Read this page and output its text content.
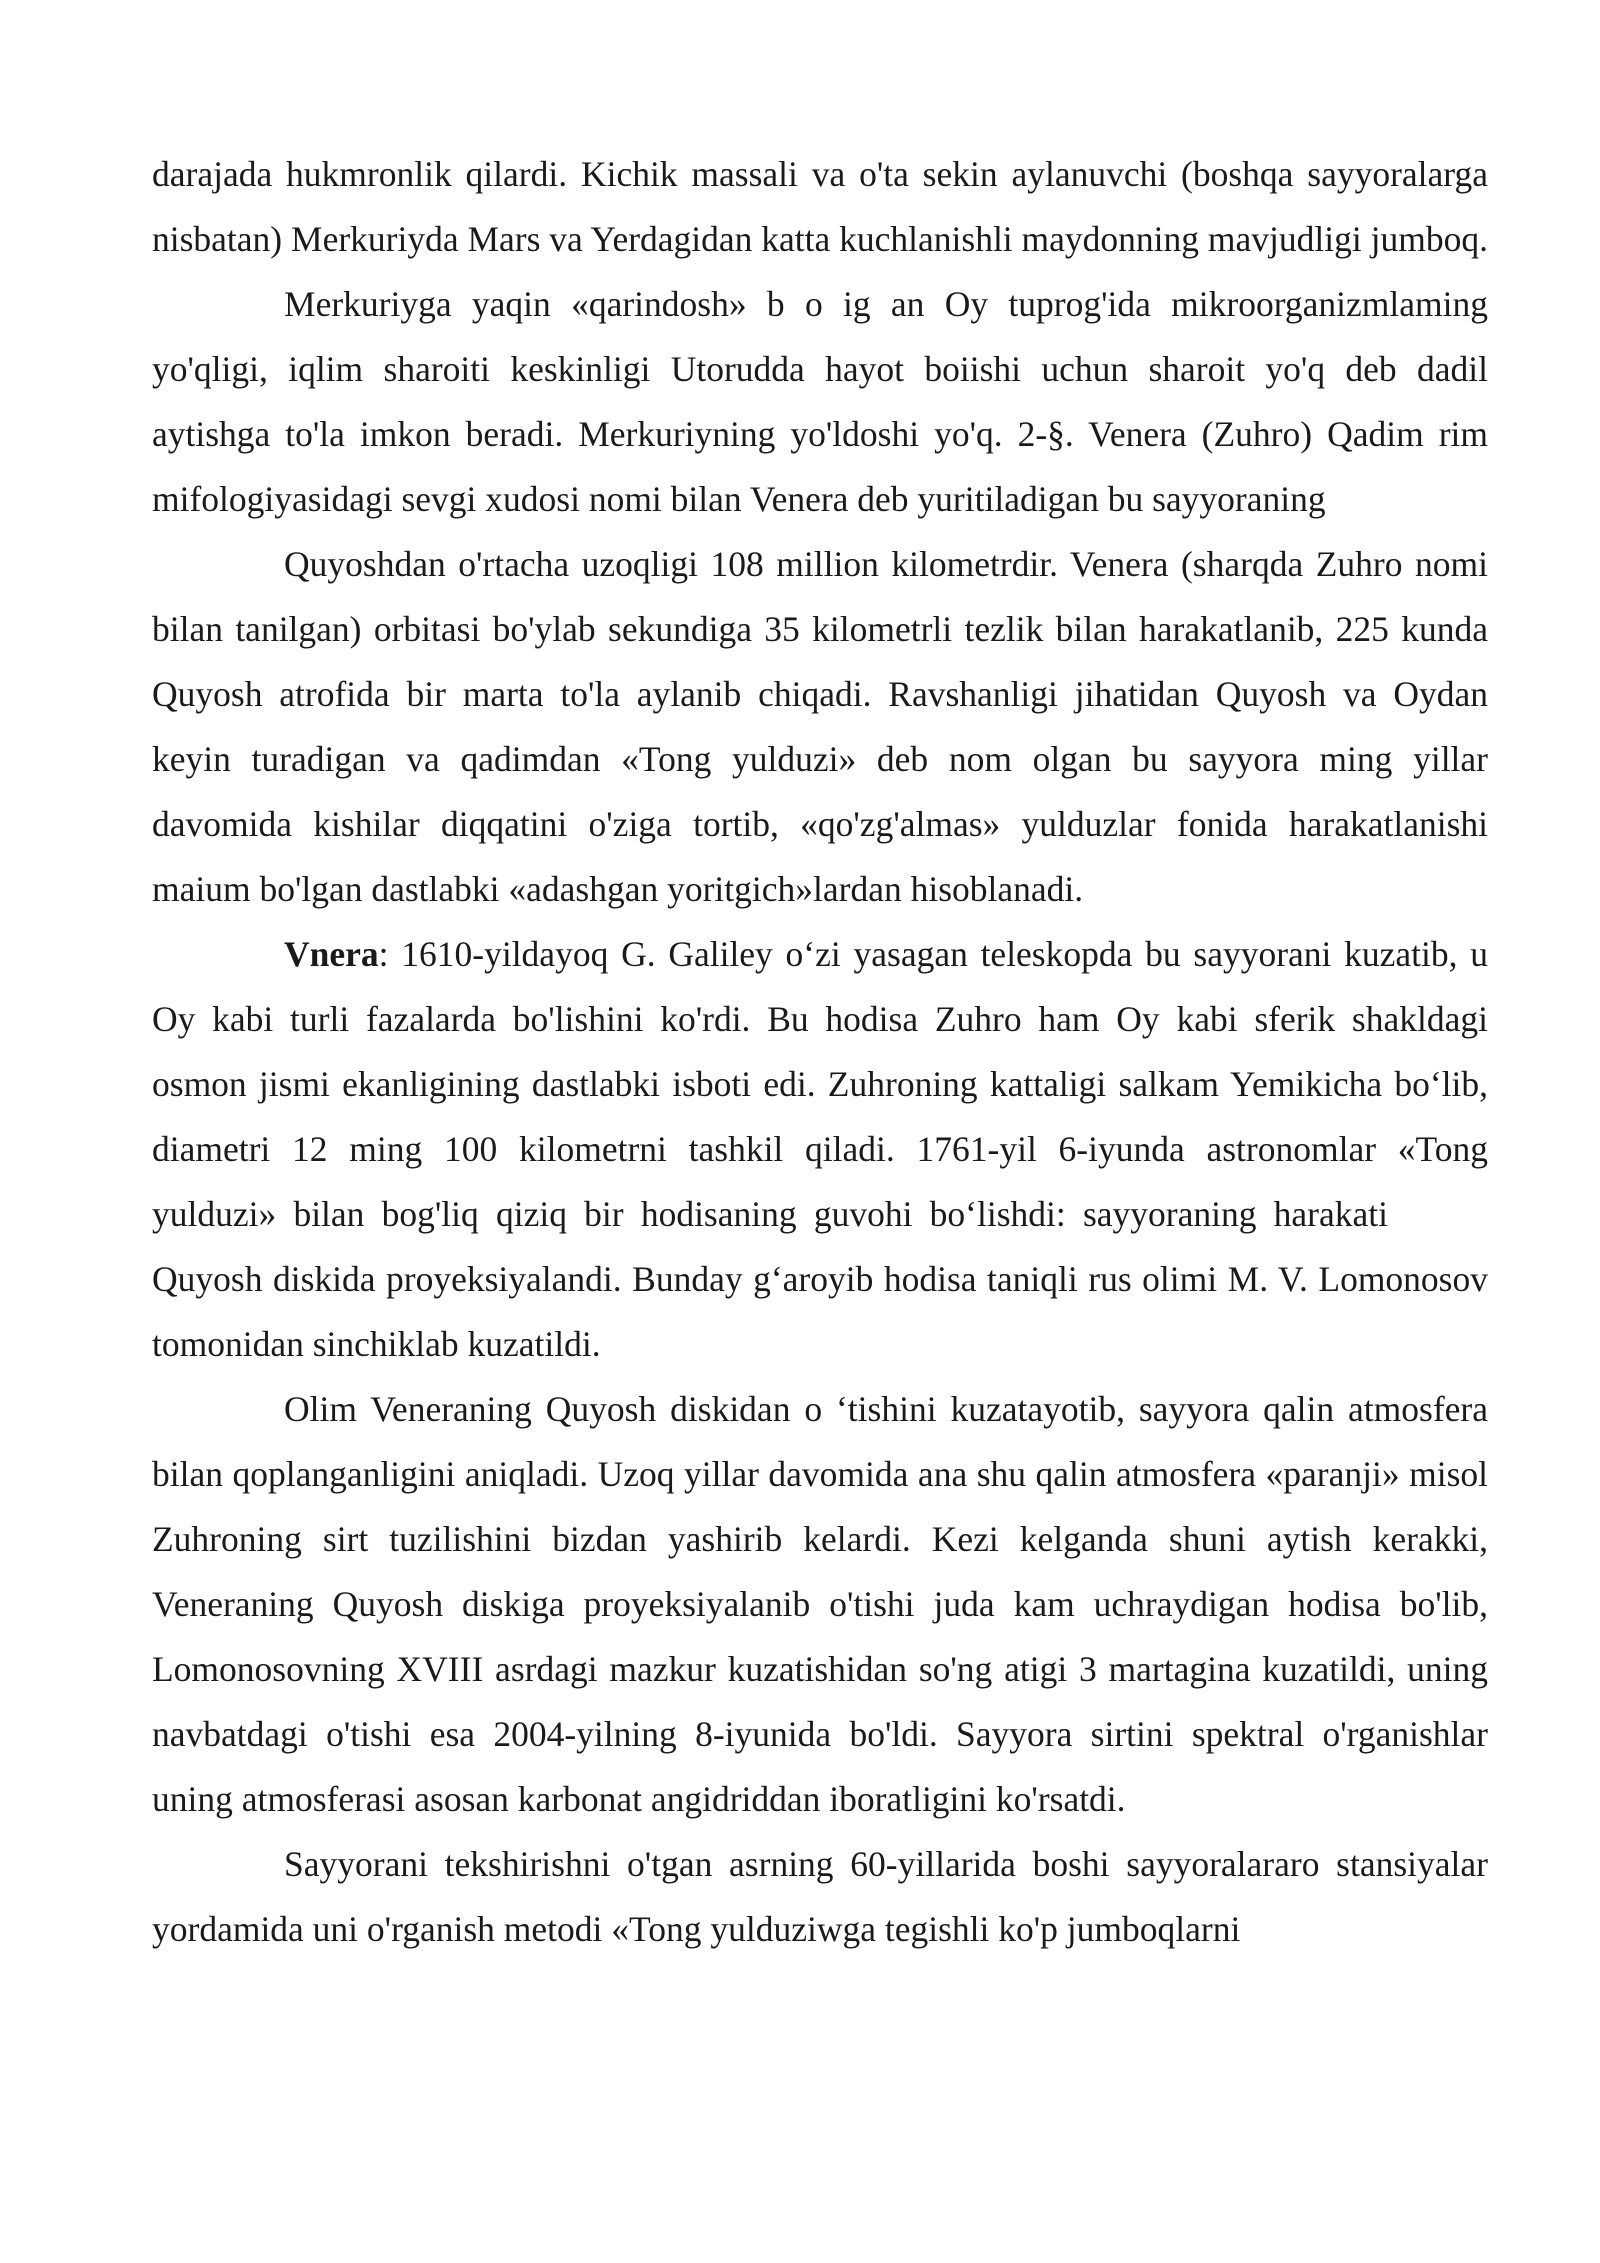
darajada hukmronlik qilardi. Kichik massali va o'ta sekin aylanuvchi (boshqa sayyoralarga nisbatan) Merkuriyda Mars va Yerdagidan katta kuchlanishli maydonning mavjudligi jumboq.

Merkuriyga yaqin «qarindosh» b o ig an Oy tuprog'ida mikroorganizmlaming yo'qligi, iqlim sharoiti keskinligi Utorudda hayot boiishi uchun sharoit yo'q deb dadil aytishga to'la imkon beradi. Merkuriyning yo'ldoshi yo'q. 2-§. Venera (Zuhro) Qadim rim mifologiyasidagi sevgi xudosi nomi bilan Venera deb yuritiladigan bu sayyoraning

Quyoshdan o'rtacha uzoqligi 108 million kilometrdir. Venera (sharqda Zuhro nomi bilan tanilgan) orbitasi bo'ylab sekundiga 35 kilometrli tezlik bilan harakatlanib, 225 kunda Quyosh atrofida bir marta to'la aylanib chiqadi. Ravshanligi jihatidan Quyosh va Oydan keyin turadigan va qadimdan «Tong yulduzi» deb nom olgan bu sayyora ming yillar davomida kishilar diqqatini o'ziga tortib, «qo'zg'almas» yulduzlar fonida harakatlanishi maium bo'lgan dastlabki «adashgan yoritgich»lardan hisoblanadi.

Vnera: 1610-yildayoq G. Galiley o‘zi yasagan teleskopda bu sayyorani kuzatib, u Oy kabi turli fazalarda bo'lishini ko'rdi. Bu hodisa Zuhro ham Oy kabi sferik shakldagi osmon jismi ekanligining dastlabki isboti edi. Zuhroning kattaligi salkam Yemikicha bo‘lib, diametri 12 ming 100 kilometrni tashkil qiladi. 1761-yil 6-iyunda astronomlar «Tong yulduzi» bilan bog'liq qiziq bir hodisaning guvohi bo‘lishdi: sayyoraning harakatiQuyosh diskida proyeksiyalandi. Bunday g‘aroyib hodisa taniqli rus olimi M. V. Lomonosov tomonidan sinchiklab kuzatildi.

Olim Veneraning Quyosh diskidan o ‘tishini kuzatayotib, sayyora qalin atmosfera bilan qoplanganligini aniqladi. Uzoq yillar davomida ana shu qalin atmosfera «paranji» misol Zuhroning sirt tuzilishini bizdan yashirib kelardi. Kezi kelganda shuni aytish kerakki, Veneraning Quyosh diskiga proyeksiyalanib o'tishi juda kam uchraydigan hodisa bo'lib, Lomonosovning XVIII asrdagi mazkur kuzatishidan so'ng atigi 3 martagina kuzatildi, uning navbatdagi o'tishi esa 2004-yilning 8-iyunida bo'ldi. Sayyora sirtini spektral o'rganishlar uning atmosferasi asosan karbonat angidriddan iboratligini ko'rsatdi.

Sayyorani tekshirishni o'tgan asrning 60-yillarida boshi sayyoralararo stansiyalar yordamida uni o'rganish metodi «Tong yulduziwga tegishli ko'p jumboqlarni
